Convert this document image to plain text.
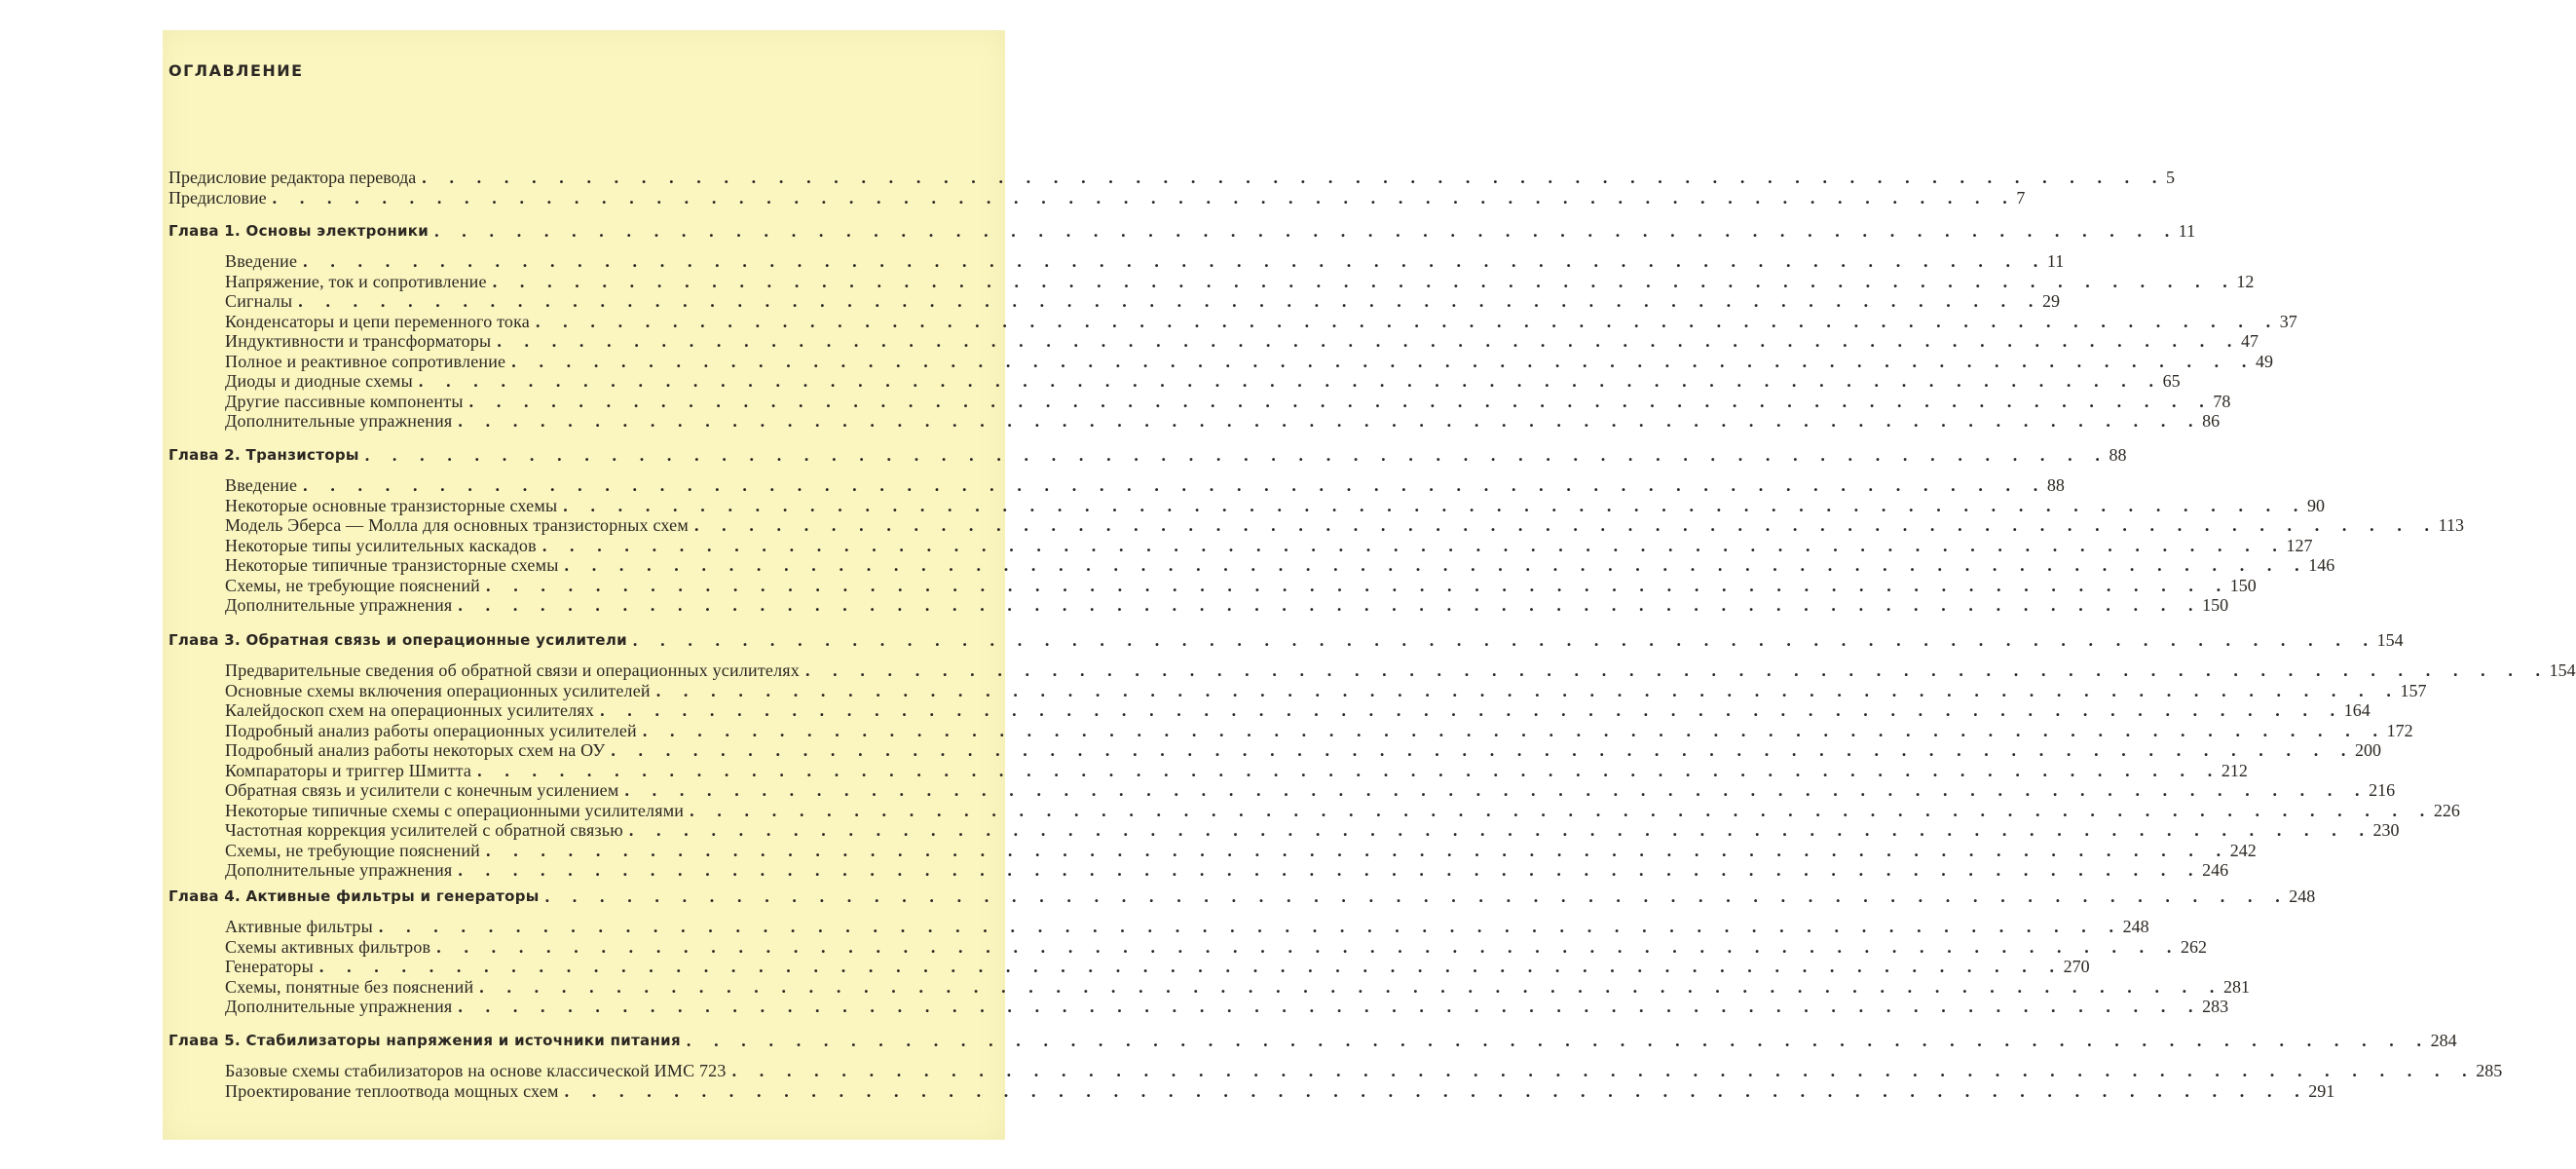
ОГЛАВЛЕНИЕ
Предисловие редактора перевода . . . . . . . . . . . . . . . . . . . . . . . . . . . . . . . . . . . . . . . . . . . . . . . . . . . . . . . . . . . . . . . . 5
Предисловие . . . . . . . . . . . . . . . . . . . . . . . . . . . . . . . . . . . . . . . . . . . . . . . . . . . . . . . . . . . . . . . . 7
Глава 1. Основы электроники . . . . . . . . . . . . . . . . . . . . . . . . . . . . . . . . . . . . . . . . . . . . . . . . . . . . . . . . . . . . . . . . 11
Введение . . . . . . . . . . . . . . . . . . . . . . . . . . . . . . . . . . . . . . . . . . . . . . . . . . . . . . . . . . . . . . . . 11
Напряжение, ток и сопротивление . . . . . . . . . . . . . . . . . . . . . . . . . . . . . . . . . . . . . . . . . . . . . . . . . . . . . . . . . . . . . . . . 12
Сигналы . . . . . . . . . . . . . . . . . . . . . . . . . . . . . . . . . . . . . . . . . . . . . . . . . . . . . . . . . . . . . . . . 29
Конденсаторы и цепи переменного тока . . . . . . . . . . . . . . . . . . . . . . . . . . . . . . . . . . . . . . . . . . . . . . . . . . . . . . . . . . . . . . . . 37
Индуктивности и трансформаторы . . . . . . . . . . . . . . . . . . . . . . . . . . . . . . . . . . . . . . . . . . . . . . . . . . . . . . . . . . . . . . . . 47
Полное и реактивное сопротивление . . . . . . . . . . . . . . . . . . . . . . . . . . . . . . . . . . . . . . . . . . . . . . . . . . . . . . . . . . . . . . . . 49
Диоды и диодные схемы . . . . . . . . . . . . . . . . . . . . . . . . . . . . . . . . . . . . . . . . . . . . . . . . . . . . . . . . . . . . . . . . 65
Другие пассивные компоненты . . . . . . . . . . . . . . . . . . . . . . . . . . . . . . . . . . . . . . . . . . . . . . . . . . . . . . . . . . . . . . . . 78
Дополнительные упражнения . . . . . . . . . . . . . . . . . . . . . . . . . . . . . . . . . . . . . . . . . . . . . . . . . . . . . . . . . . . . . . . . 86
Глава 2. Транзисторы . . . . . . . . . . . . . . . . . . . . . . . . . . . . . . . . . . . . . . . . . . . . . . . . . . . . . . . . . . . . . . . . 88
Введение . . . . . . . . . . . . . . . . . . . . . . . . . . . . . . . . . . . . . . . . . . . . . . . . . . . . . . . . . . . . . . . . 88
Некоторые основные транзисторные схемы . . . . . . . . . . . . . . . . . . . . . . . . . . . . . . . . . . . . . . . . . . . . . . . . . . . . . . . . . . . . . . . . 90
Модель Эберса — Молла для основных транзисторных схем . . . . . . . . . . . . . . . . . . . . . . . . . . . . . . . . . . . . . . . . . . . . . . . . . . . . . . . . . . . . . . . . 113
Некоторые типы усилительных каскадов . . . . . . . . . . . . . . . . . . . . . . . . . . . . . . . . . . . . . . . . . . . . . . . . . . . . . . . . . . . . . . . . 127
Некоторые типичные транзисторные схемы . . . . . . . . . . . . . . . . . . . . . . . . . . . . . . . . . . . . . . . . . . . . . . . . . . . . . . . . . . . . . . . . 146
Схемы, не требующие пояснений . . . . . . . . . . . . . . . . . . . . . . . . . . . . . . . . . . . . . . . . . . . . . . . . . . . . . . . . . . . . . . . . 150
Дополнительные упражнения . . . . . . . . . . . . . . . . . . . . . . . . . . . . . . . . . . . . . . . . . . . . . . . . . . . . . . . . . . . . . . . . 150
Глава 3. Обратная связь и операционные усилители . . . . . . . . . . . . . . . . . . . . . . . . . . . . . . . . . . . . . . . . . . . . . . . . . . . . . . . . . . . . . . . . 154
Предварительные сведения об обратной связи и операционных усилителях . . . . . . . . . . . . . . . . . . . . . . . . . . . . . . . . . . . . . . . . . . . . . . . . . . . . . . . . . . . . . . . . 154
Основные схемы включения операционных усилителей . . . . . . . . . . . . . . . . . . . . . . . . . . . . . . . . . . . . . . . . . . . . . . . . . . . . . . . . . . . . . . . . 157
Калейдоскоп схем на операционных усилителях . . . . . . . . . . . . . . . . . . . . . . . . . . . . . . . . . . . . . . . . . . . . . . . . . . . . . . . . . . . . . . . . 164
Подробный анализ работы операционных усилителей . . . . . . . . . . . . . . . . . . . . . . . . . . . . . . . . . . . . . . . . . . . . . . . . . . . . . . . . . . . . . . . . 172
Подробный анализ работы некоторых схем на ОУ . . . . . . . . . . . . . . . . . . . . . . . . . . . . . . . . . . . . . . . . . . . . . . . . . . . . . . . . . . . . . . . . 200
Компараторы и триггер Шмитта . . . . . . . . . . . . . . . . . . . . . . . . . . . . . . . . . . . . . . . . . . . . . . . . . . . . . . . . . . . . . . . . 212
Обратная связь и усилители с конечным усилением . . . . . . . . . . . . . . . . . . . . . . . . . . . . . . . . . . . . . . . . . . . . . . . . . . . . . . . . . . . . . . . . 216
Некоторые типичные схемы с операционными усилителями . . . . . . . . . . . . . . . . . . . . . . . . . . . . . . . . . . . . . . . . . . . . . . . . . . . . . . . . . . . . . . . . 226
Частотная коррекция усилителей с обратной связью . . . . . . . . . . . . . . . . . . . . . . . . . . . . . . . . . . . . . . . . . . . . . . . . . . . . . . . . . . . . . . . . 230
Схемы, не требующие пояснений . . . . . . . . . . . . . . . . . . . . . . . . . . . . . . . . . . . . . . . . . . . . . . . . . . . . . . . . . . . . . . . . 242
Дополнительные упражнения . . . . . . . . . . . . . . . . . . . . . . . . . . . . . . . . . . . . . . . . . . . . . . . . . . . . . . . . . . . . . . . . 246
Глава 4. Активные фильтры и генераторы . . . . . . . . . . . . . . . . . . . . . . . . . . . . . . . . . . . . . . . . . . . . . . . . . . . . . . . . . . . . . . . . 248
Активные фильтры . . . . . . . . . . . . . . . . . . . . . . . . . . . . . . . . . . . . . . . . . . . . . . . . . . . . . . . . . . . . . . . . 248
Схемы активных фильтров . . . . . . . . . . . . . . . . . . . . . . . . . . . . . . . . . . . . . . . . . . . . . . . . . . . . . . . . . . . . . . . . 262
Генераторы . . . . . . . . . . . . . . . . . . . . . . . . . . . . . . . . . . . . . . . . . . . . . . . . . . . . . . . . . . . . . . . . 270
Схемы, понятные без пояснений . . . . . . . . . . . . . . . . . . . . . . . . . . . . . . . . . . . . . . . . . . . . . . . . . . . . . . . . . . . . . . . . 281
Дополнительные упражнения . . . . . . . . . . . . . . . . . . . . . . . . . . . . . . . . . . . . . . . . . . . . . . . . . . . . . . . . . . . . . . . . 283
Глава 5. Стабилизаторы напряжения и источники питания . . . . . . . . . . . . . . . . . . . . . . . . . . . . . . . . . . . . . . . . . . . . . . . . . . . . . . . . . . . . . . . . 284
Базовые схемы стабилизаторов на основе классической ИМС 723 . . . . . . . . . . . . . . . . . . . . . . . . . . . . . . . . . . . . . . . . . . . . . . . . . . . . . . . . . . . . . . . . 285
Проектирование теплоотвода мощных схем . . . . . . . . . . . . . . . . . . . . . . . . . . . . . . . . . . . . . . . . . . . . . . . . . . . . . . . . . . . . . . . . 291
